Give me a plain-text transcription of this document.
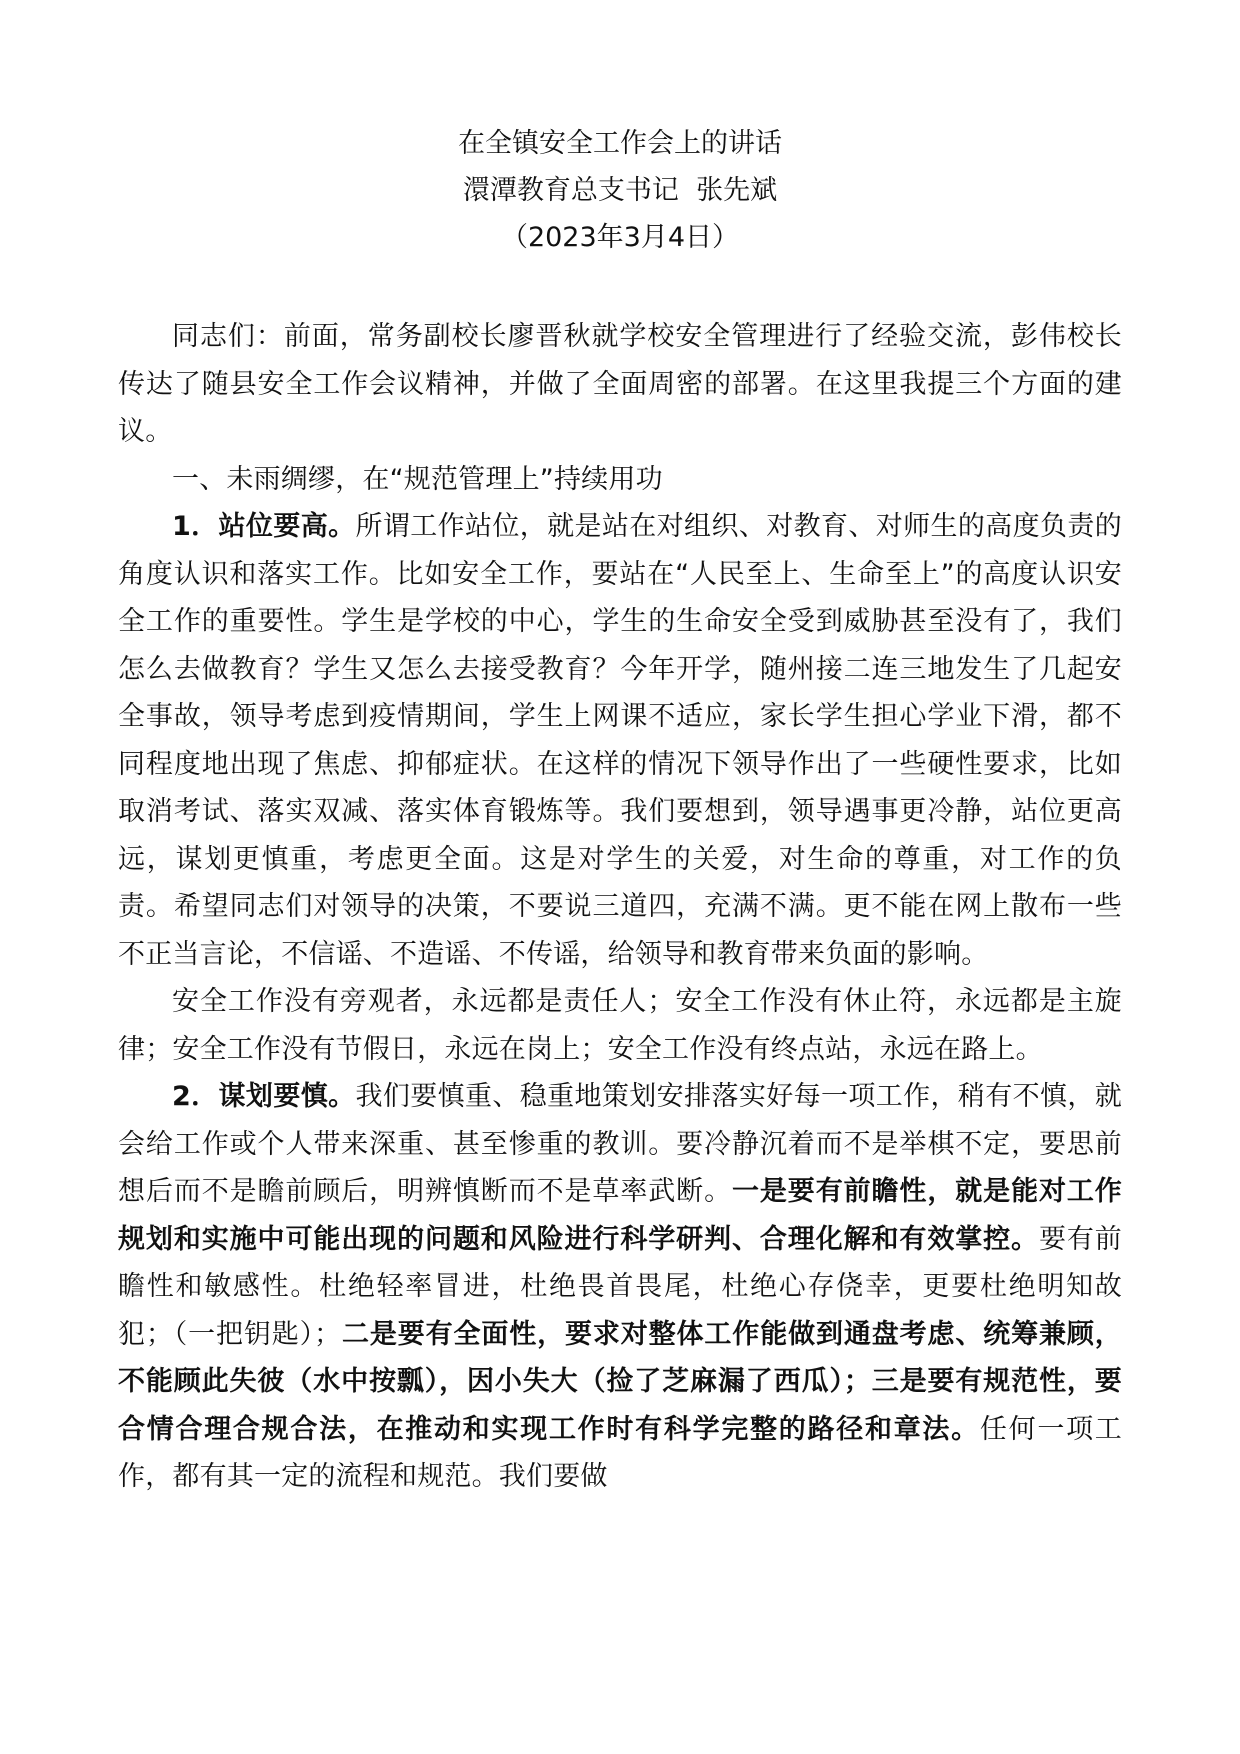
在全镇安全工作会上的讲话
澴潭教育总支书记  张先斌
（2023年3月4日）

同志们：前面，常务副校长廖晋秋就学校安全管理进行了经验交流，彭伟校长传达了随县安全工作会议精神，并做了全面周密的部署。在这里我提三个方面的建议。

一、未雨绸缪，在“规范管理上”持续用功

1．站位要高。所谓工作站位，就是站在对组织、对教育、对师生的高度负责的角度认识和落实工作。比如安全工作，要站在“人民至上、生命至上”的高度认识安全工作的重要性。学生是学校的中心，学生的生命安全受到威胁甚至没有了，我们怎么去做教育？学生又怎么去接受教育？今年开学，随州接二连三地发生了几起安全事故，领导考虑到疫情期间，学生上网课不适应，家长学生担心学业下滑，都不同程度地出现了焦虑、抑郁症状。在这样的情况下领导作出了一些硬性要求，比如取消考试、落实双减、落实体育锻炼等。我们要想到，领导遇事更冷静，站位更高远，谋划更慎重，考虑更全面。这是对学生的关爱，对生命的尊重，对工作的负责。希望同志们对领导的决策，不要说三道四，充满不满。更不能在网上散布一些不正当言论，不信谣、不造谣、不传谣，给领导和教育带来负面的影响。

安全工作没有旁观者，永远都是责任人；安全工作没有休止符，永远都是主旋律；安全工作没有节假日，永远在岗上；安全工作没有终点站，永远在路上。

2．谋划要慎。我们要慎重、稳重地策划安排落实好每一项工作，稍有不慎，就会给工作或个人带来深重、甚至惨重的教训。要冷静沉着而不是举棋不定，要思前想后而不是瞻前顾后，明辨慎断而不是草率武断。一是要有前瞻性，就是能对工作规划和实施中可能出现的问题和风险进行科学研判、合理化解和有效掌控。要有前瞻性和敏感性。杜绝轻率冒进，杜绝畏首畏尾，杜绝心存侥幸，更要杜绝明知故犯；（一把钥匙）；二是要有全面性，要求对整体工作能做到通盘考虑、统筹兼顾，不能顾此失彼（水中按瓢），因小失大（捡了芝麻漏了西瓜）；三是要有规范性，要合情合理合规合法，在推动和实现工作时有科学完整的路径和章法。任何一项工作，都有其一定的流程和规范。我们要做
